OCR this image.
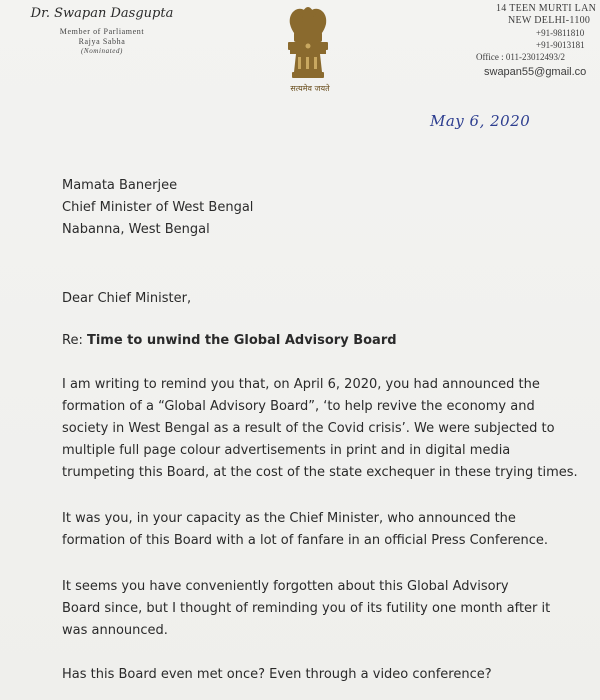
Dr. Swapan Dasgupta

Member of Parliament

Rajya Sabha

(Nominated)

सत्यमेव जयते
14 TEEN MURTI LAN
NEW DELHI-1100
+91-9811810
+91-9013181
Office : 011-23012493/2
swapan55@gmail.co
May 6, 2020
Mamata Banerjee
Chief Minister of West Bengal
Nabanna, West Bengal
Dear Chief Minister,
Re: Time to unwind the Global Advisory Board
I am writing to remind you that, on April 6, 2020, you had announced the
formation of a “Global Advisory Board”, ‘to help revive the economy and
society in West Bengal as a result of the Covid crisis’. We were subjected to
multiple full page colour advertisements in print and in digital media
trumpeting this Board, at the cost of the state exchequer in these trying times.
It was you, in your capacity as the Chief Minister, who announced the
formation of this Board with a lot of fanfare in an official Press Conference.
It seems you have conveniently forgotten about this Global Advisory
Board since, but I thought of reminding you of its futility one month after it
was announced.
Has this Board even met once? Even through a video conference?
